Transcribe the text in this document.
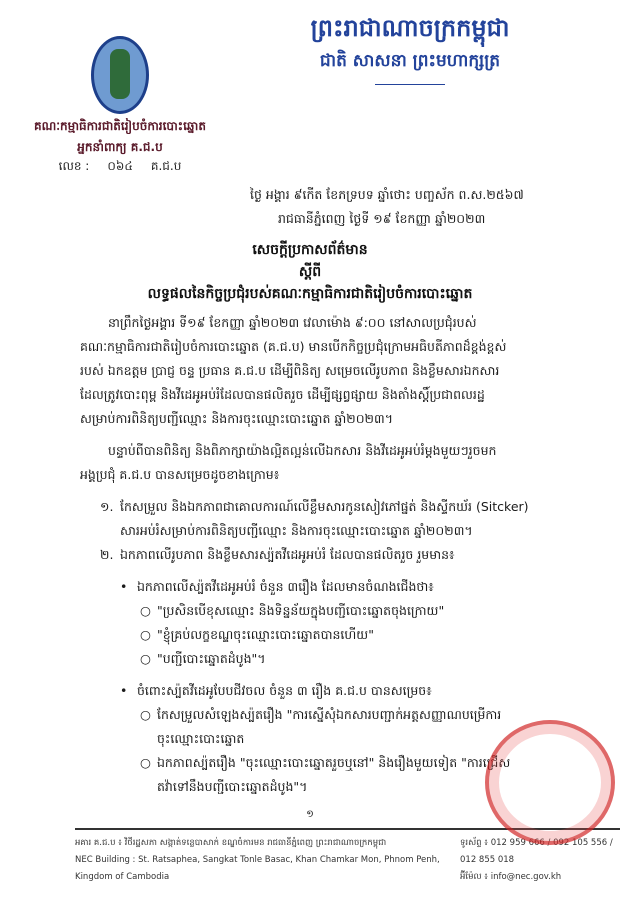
គណៈកម្មាធិការជាតិរៀបចំការបោះឆ្នោត
អ្នកនាំពាក្យ គ.ជ.ប
លេខ : ០៦៤ គ.ជ.ប
ព្រះរាជាណាចក្រកម្ពុជា
ជាតិ សាសនា ព្រះមហាក្សត្រ
ថ្ងៃ អង្គារ ៩កើត ខែភទ្របទ ឆ្នាំថោះ បញ្ចស័ក ព.ស.២៥៦៧
រាជធានីភ្នំពេញ ថ្ងៃទី ១៩ ខែកញ្ញា ឆ្នាំ២០២៣
សេចក្តីប្រកាសព័ត៌មាន
ស្តីពី
លទ្ធផលនៃកិច្ចប្រជុំរបស់គណៈកម្មាធិការជាតិរៀបចំការបោះឆ្នោត
នាព្រឹកថ្ងៃអង្គារ ទី១៩ ខែកញ្ញា ឆ្នាំ២០២៣ វេលាម៉ោង ៩:០០ នៅសាលប្រជុំរបស់
គណៈកម្មាធិការជាតិរៀបចំការបោះឆ្នោត (គ.ជ.ប) មានបើកកិច្ចប្រជុំក្រោមអធិបតីភាពដ៏ខ្ពង់ខ្ពស់
របស់ ឯកឧត្តម ប្រាជ្ញ ចន្ទ ប្រធាន គ.ជ.ប ដើម្បីពិនិត្យ សម្រេចលើរូបភាព និងខ្លឹមសារឯកសារ
ដែលត្រូវបោះពុម្ព និងវីដេអូអប់រំដែលបានផលិតរួច ដើម្បីផ្សព្វផ្សាយ និងតាំងស្តិ៍ប្រជាពលរដ្ឋ
សម្រាប់ការពិនិត្យបញ្ជីឈ្មោះ និងការចុះឈ្មោះបោះឆ្នោត ឆ្នាំ២០២៣។
បន្ទាប់ពីបានពិនិត្យ និងពិភាក្សាយ៉ាងល្អិតល្អន់លើឯកសារ និងវីដេអូអប់រំម្តងមួយៗរួចមក
អង្គប្រជុំ គ.ជ.ប បានសម្រេចដូចខាងក្រោម៖
១. កែសម្រួល និងឯកភាពជាគោលការណ៍លើខ្លឹមសារកូនសៀវភៅផ្នត់ និងស្ទីកឃ័រ (Sitcker)
សារអប់រំសម្រាប់ការពិនិត្យបញ្ជីឈ្មោះ និងការចុះឈ្មោះបោះឆ្នោត ឆ្នាំ២០២៣។
២. ឯកភាពលើរូបភាព និងខ្លឹមសារស្ប៉តវីដេអូអប់រំ ដែលបានផលិតរួច រួមមាន៖
• ឯកភាពលើស្ប៉តវីដេអូអប់រំ ចំនួន ៣រឿង ដែលមានចំណងជើងថា៖
○ "ប្រសិនបើខុសឈ្មោះ និងទិន្នន័យក្នុងបញ្ជីបោះឆ្នោតចុងក្រោយ"
○ "ខ្ញុំគ្រប់លក្ខខណ្ឌចុះឈ្មោះបោះឆ្នោតបានហើយ"
○ "បញ្ជីបោះឆ្នោតដំបូង"។
• ចំពោះស្ប៉តវីដេអូបែបជីវចល ចំនួន ៣ រឿង គ.ជ.ប បានសម្រេច៖
○ កែសម្រួលសំឡេងស្ប៉តរឿង "ការស្នើសុំឯកសារបញ្ជាក់អត្តសញ្ញាណបម្រើការ
ចុះឈ្មោះបោះឆ្នោត
○ ឯកភាពស្ប៉តរឿង "ចុះឈ្មោះបោះឆ្នោតរួចឬនៅ" និងរឿងមួយទៀត "ការជ្រើស
តវ៉ាទៅនឹងបញ្ជីបោះឆ្នោតដំបូង"។
១
អគារ គ.ជ.ប ៖ វិថីរដ្ឋសភា សង្កាត់ទន្លេបាសាក់ ខណ្ឌចំការមន រាជធានីភ្នំពេញ ព្រះរាជាណាចក្រកម្ពុជា
NEC Building : St. Ratsaphea, Sangkat Tonle Basac, Khan Chamkar Mon, Phnom Penh, Kingdom of Cambodia
ទូរស័ព្ទ ៖ 012 959 666 / 092 105 556 / 012 855 018
អ៊ីម៉ែល ៖ info@nec.gov.kh
